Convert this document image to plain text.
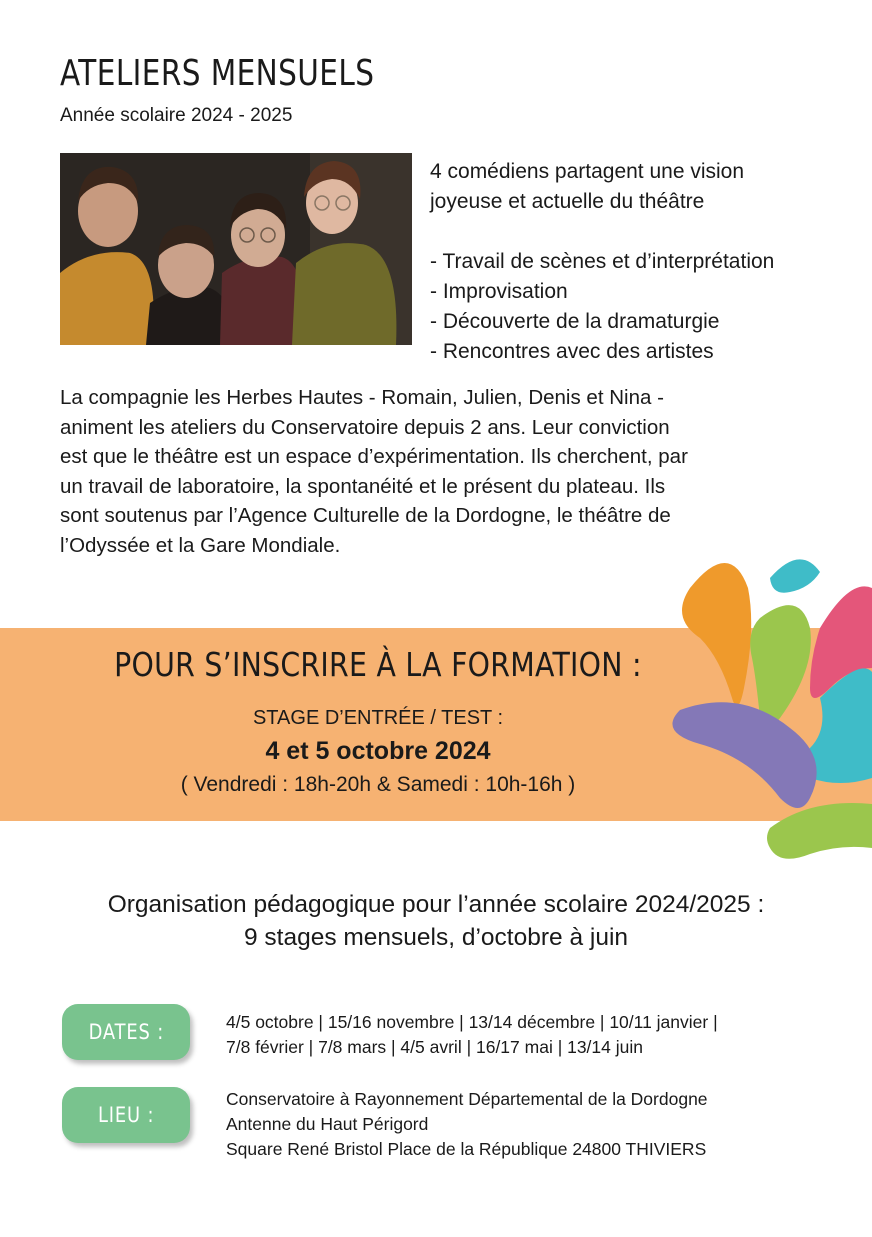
ATELIERS MENSUELS
Année scolaire 2024 - 2025
4 comédiens partagent une vision
joyeuse et actuelle du théâtre
- Travail de scènes et d’interprétation
- Improvisation
- Découverte de la dramaturgie
- Rencontres avec des artistes
La compagnie les Herbes Hautes - Romain, Julien, Denis et Nina -
animent les ateliers du Conservatoire depuis 2 ans. Leur conviction
est que le théâtre est un espace d’expérimentation. Ils cherchent, par
un travail de laboratoire, la spontanéité et le présent du plateau. Ils
sont soutenus par l’Agence Culturelle de la Dordogne, le théâtre de
l’Odyssée et la Gare Mondiale.
POUR S’INSCRIRE À LA FORMATION :
STAGE D’ENTRÉE / TEST :
4 et 5 octobre 2024
( Vendredi : 18h-20h & Samedi : 10h-16h )
Organisation pédagogique pour l’année scolaire 2024/2025 :
9 stages mensuels, d’octobre à juin
DATES :	4/5 octobre | 15/16 novembre | 13/14 décembre | 10/11 janvier |
7/8 février | 7/8 mars | 4/5 avril | 16/17 mai | 13/14 juin
LIEU :
Conservatoire à Rayonnement Départemental de la Dordogne
Antenne du Haut Périgord
Square René Bristol Place de la République 24800 THIVIERS
